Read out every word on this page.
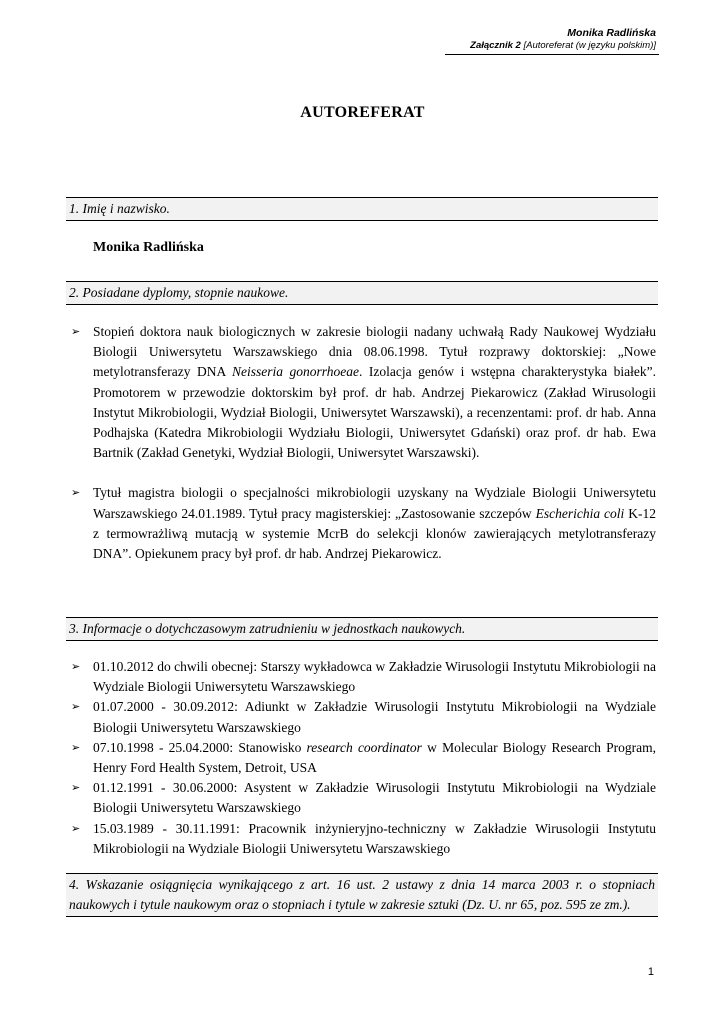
Monika Radlińska
Załącznik 2 [Autoreferat (w języku polskim)]
AUTOREFERAT
1. Imię i nazwisko.
Monika Radlińska
2. Posiadane dyplomy, stopnie naukowe.
➢ Stopień doktora nauk biologicznych w zakresie biologii nadany uchwałą Rady Naukowej Wydziału Biologii Uniwersytetu Warszawskiego dnia 08.06.1998. Tytuł rozprawy doktorskiej: „Nowe metylotransferazy DNA Neisseria gonorrhoeae. Izolacja genów i wstępna charakterystyka białek”. Promotorem w przewodzie doktorskim był prof. dr hab. Andrzej Piekarowicz (Zakład Wirusologii Instytut Mikrobiologii, Wydział Biologii, Uniwersytet Warszawski), a recenzentami: prof. dr hab. Anna Podhajska (Katedra Mikrobiologii Wydziału Biologii, Uniwersytet Gdański) oraz prof. dr hab. Ewa Bartnik (Zakład Genetyki, Wydział Biologii, Uniwersytet Warszawski).
➢ Tytuł magistra biologii o specjalności mikrobiologii uzyskany na Wydziale Biologii Uniwersytetu Warszawskiego 24.01.1989. Tytuł pracy magisterskiej: „Zastosowanie szczepów Escherichia coli K-12 z termowrażliwą mutacją w systemie McrB do selekcji klonów zawierających metylotransferazy DNA”. Opiekunem pracy był prof. dr hab. Andrzej Piekarowicz.
3. Informacje o dotychczasowym zatrudnieniu w jednostkach naukowych.
➢ 01.10.2012 do chwili obecnej: Starszy wykładowca w Zakładzie Wirusologii Instytutu Mikrobiologii na Wydziale Biologii Uniwersytetu Warszawskiego
➢ 01.07.2000 - 30.09.2012: Adiunkt w Zakładzie Wirusologii Instytutu Mikrobiologii na Wydziale Biologii Uniwersytetu Warszawskiego
➢ 07.10.1998 - 25.04.2000: Stanowisko research coordinator w Molecular Biology Research Program, Henry Ford Health System, Detroit, USA
➢ 01.12.1991 - 30.06.2000: Asystent w Zakładzie Wirusologii Instytutu Mikrobiologii na Wydziale Biologii Uniwersytetu Warszawskiego
➢ 15.03.1989 - 30.11.1991: Pracownik inżynieryjno-techniczny w Zakładzie Wirusologii Instytutu Mikrobiologii na Wydziale Biologii Uniwersytetu Warszawskiego
4. Wskazanie osiągnięcia wynikającego z art. 16 ust. 2 ustawy z dnia 14 marca 2003 r. o stopniach naukowych i tytule naukowym oraz o stopniach i tytule w zakresie sztuki (Dz. U. nr 65, poz. 595 ze zm.).
1
